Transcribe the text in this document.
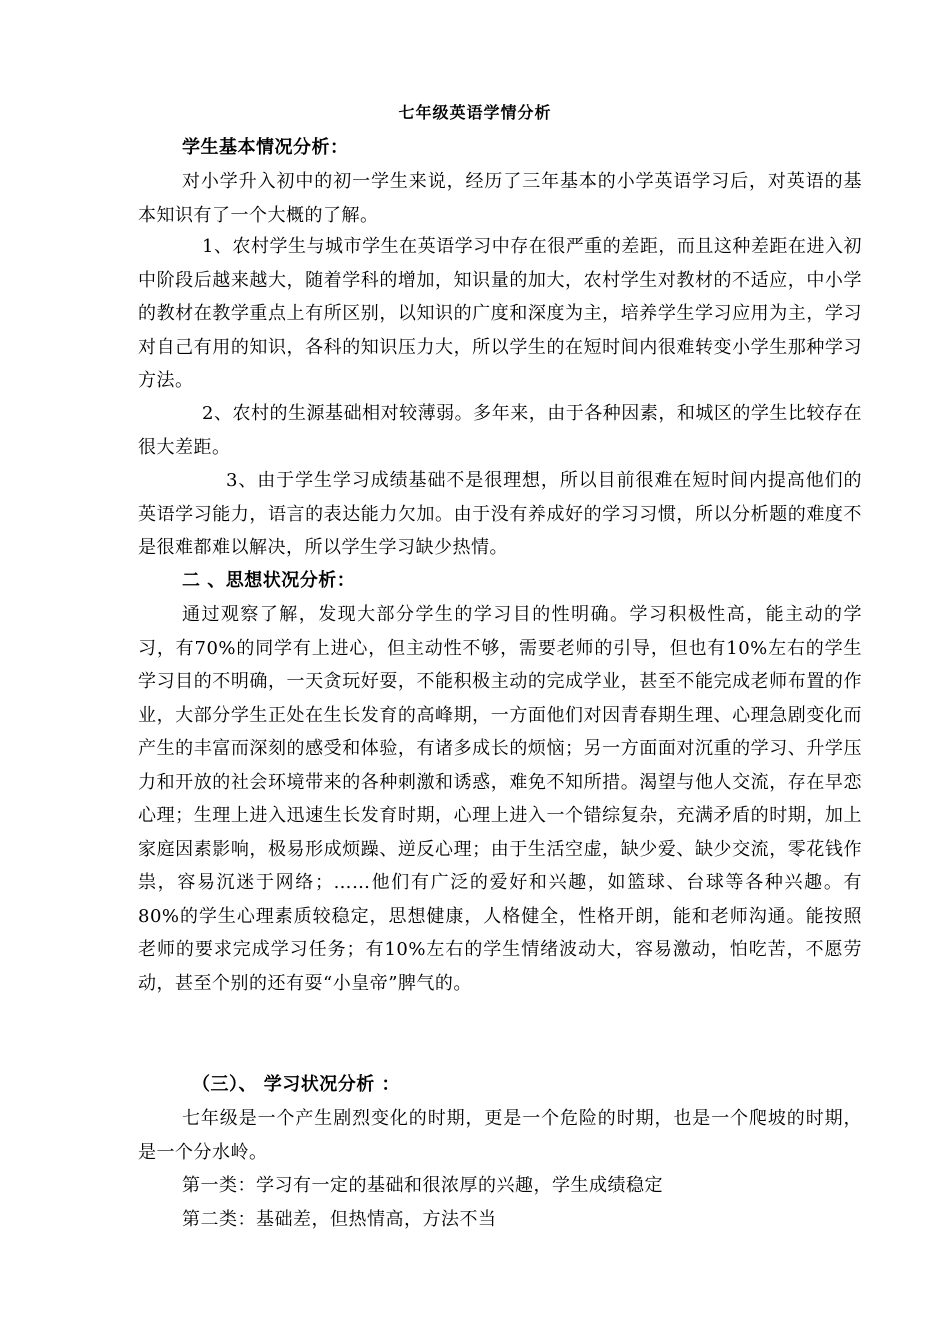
七年级英语学情分析

学生基本情况分析：

对小学升入初中的初一学生来说，经历了三年基本的小学英语学习后，对英语的基本知识有了一个大概的了解。

1、农村学生与城市学生在英语学习中存在很严重的差距，而且这种差距在进入初中阶段后越来越大，随着学科的增加，知识量的加大，农村学生对教材的不适应，中小学的教材在教学重点上有所区别，以知识的广度和深度为主，培养学生学习应用为主，学习对自己有用的知识，各科的知识压力大，所以学生的在短时间内很难转变小学生那种学习方法。

2、农村的生源基础相对较薄弱。多年来，由于各种因素，和城区的学生比较存在很大差距。

3、由于学生学习成绩基础不是很理想，所以目前很难在短时间内提高他们的英语学习能力，语言的表达能力欠加。由于没有养成好的学习习惯，所以分析题的难度不是很难都难以解决，所以学生学习缺少热情。

二 、思想状况分析：

通过观察了解，发现大部分学生的学习目的性明确。学习积极性高，能主动的学习，有70%的同学有上进心，但主动性不够，需要老师的引导，但也有10%左右的学生学习目的不明确，一天贪玩好耍，不能积极主动的完成学业，甚至不能完成老师布置的作业，大部分学生正处在生长发育的高峰期，一方面他们对因青春期生理、心理急剧变化而产生的丰富而深刻的感受和体验，有诸多成长的烦恼；另一方面面对沉重的学习、升学压力和开放的社会环境带来的各种刺激和诱惑，难免不知所措。渴望与他人交流，存在早恋心理；生理上进入迅速生长发育时期，心理上进入一个错综复杂，充满矛盾的时期，加上家庭因素影响，极易形成烦躁、逆反心理；由于生活空虚，缺少爱、缺少交流，零花钱作祟，容易沉迷于网络；……他们有广泛的爱好和兴趣，如篮球、台球等各种兴趣。有80%的学生心理素质较稳定，思想健康，人格健全，性格开朗，能和老师沟通。能按照老师的要求完成学习任务；有10%左右的学生情绪波动大，容易激动，怕吃苦，不愿劳动，甚至个别的还有耍“小皇帝”脾气的。

（三）、 学习状况分析 ：

七年级是一个产生剧烈变化的时期，更是一个危险的时期，也是一个爬坡的时期，是一个分水岭。

第一类：学习有一定的基础和很浓厚的兴趣，学生成绩稳定

第二类：基础差，但热情高，方法不当
